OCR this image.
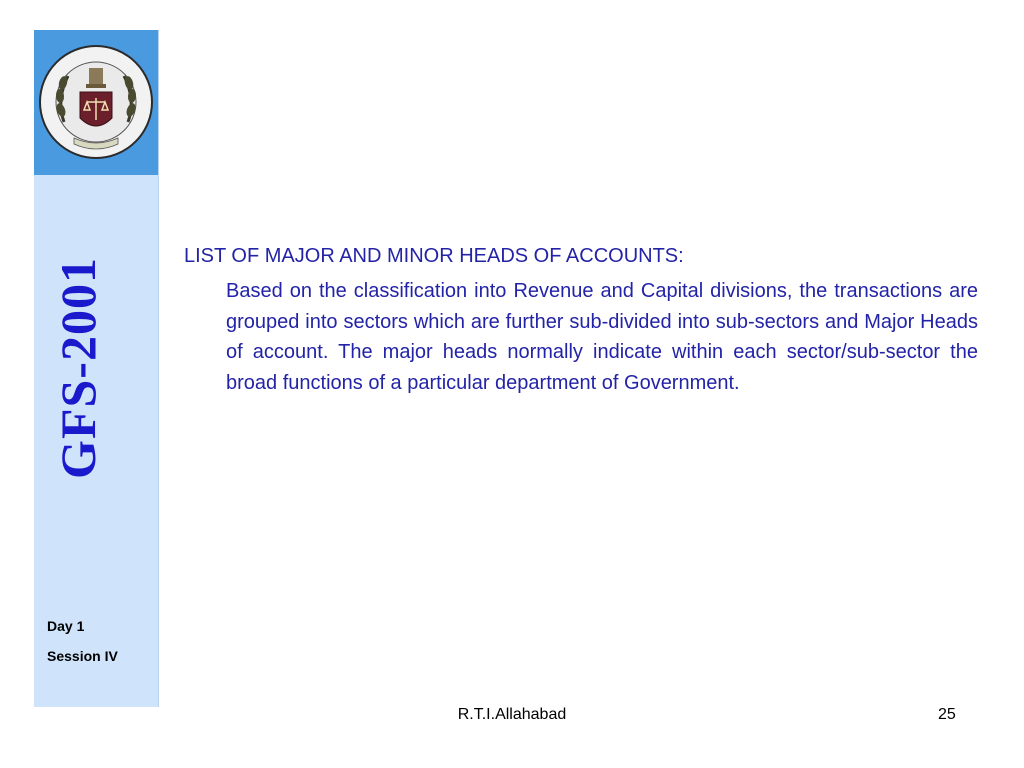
GFS-2001
Day 1
Session IV
LIST OF MAJOR AND MINOR HEADS OF ACCOUNTS:
Based on the classification into Revenue and Capital divisions, the transactions are grouped into sectors which are further sub-divided into sub-sectors and Major Heads of account. The major heads normally indicate within each sector/sub-sector the broad functions of a particular department of Government.
R.T.I.Allahabad	25
